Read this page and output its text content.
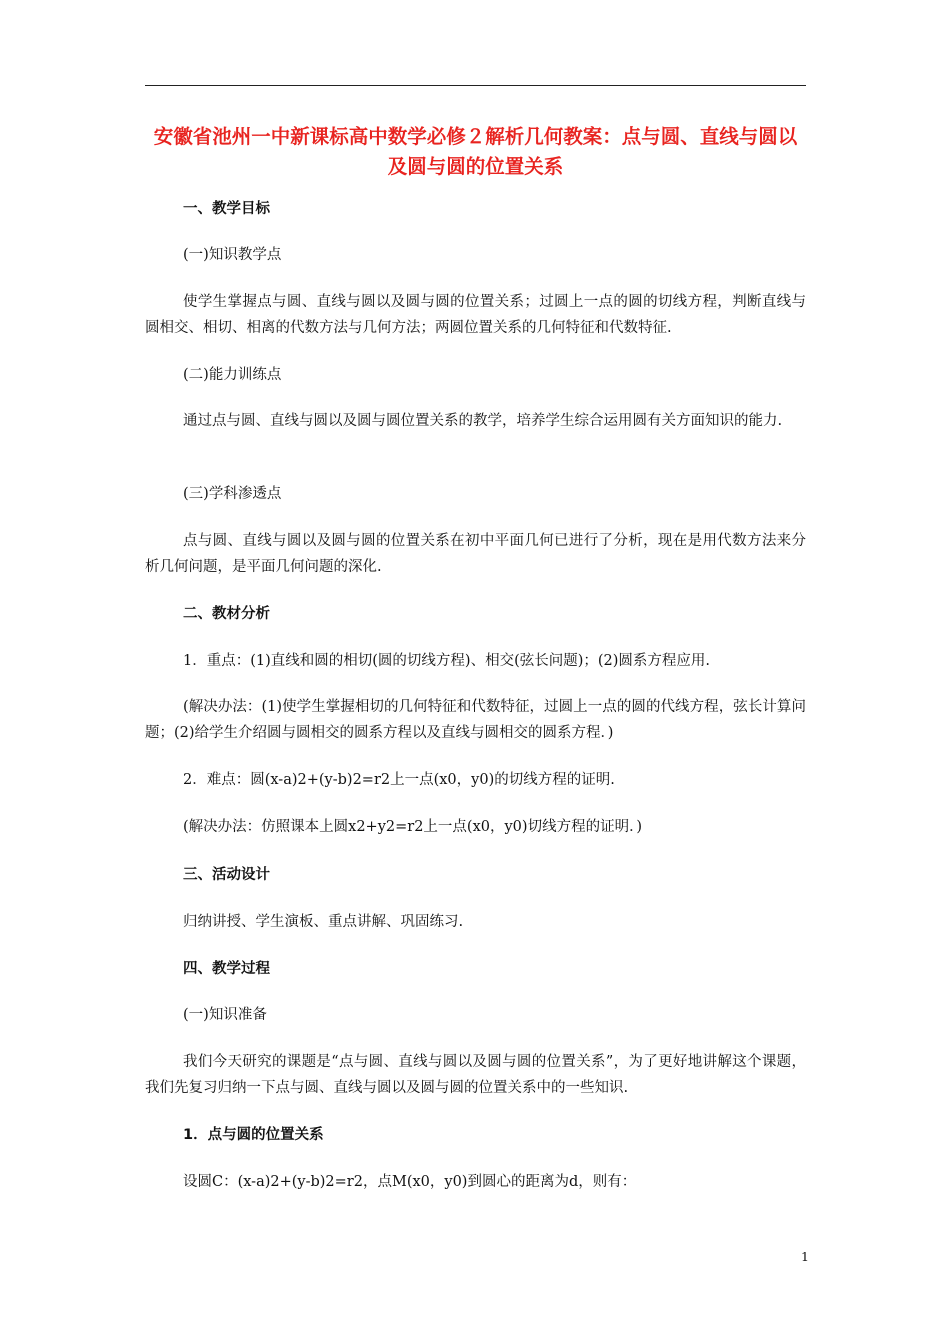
安徽省池州一中新课标高中数学必修２解析几何教案：点与圆、直线与圆以及圆与圆的位置关系

一、教学目标

(一)知识教学点

使学生掌握点与圆、直线与圆以及圆与圆的位置关系；过圆上一点的圆的切线方程，判断直线与圆相交、相切、相离的代数方法与几何方法；两圆位置关系的几何特征和代数特征.

(二)能力训练点

通过点与圆、直线与圆以及圆与圆位置关系的教学，培养学生综合运用圆有关方面知识的能力.

(三)学科渗透点

点与圆、直线与圆以及圆与圆的位置关系在初中平面几何已进行了分析，现在是用代数方法来分析几何问题，是平面几何问题的深化.

二、教材分析

1．重点：(1)直线和圆的相切(圆的切线方程)、相交(弦长问题)；(2)圆系方程应用.

(解决办法：(1)使学生掌握相切的几何特征和代数特征，过圆上一点的圆的代线方程，弦长计算问题；(2)给学生介绍圆与圆相交的圆系方程以及直线与圆相交的圆系方程．)

2．难点：圆(x-a)2+(y-b)2=r2上一点(x0，y0)的切线方程的证明.

(解决办法：仿照课本上圆x2+y2=r2上一点(x0，y0)切线方程的证明．)

三、活动设计

归纳讲授、学生演板、重点讲解、巩固练习.

四、教学过程

(一)知识准备

我们今天研究的课题是“点与圆、直线与圆以及圆与圆的位置关系”，为了更好地讲解这个课题，我们先复习归纳一下点与圆、直线与圆以及圆与圆的位置关系中的一些知识.

1．点与圆的位置关系

设圆C：(x-a)2+(y-b)2=r2，点M(x0，y0)到圆心的距离为d，则有：

1
